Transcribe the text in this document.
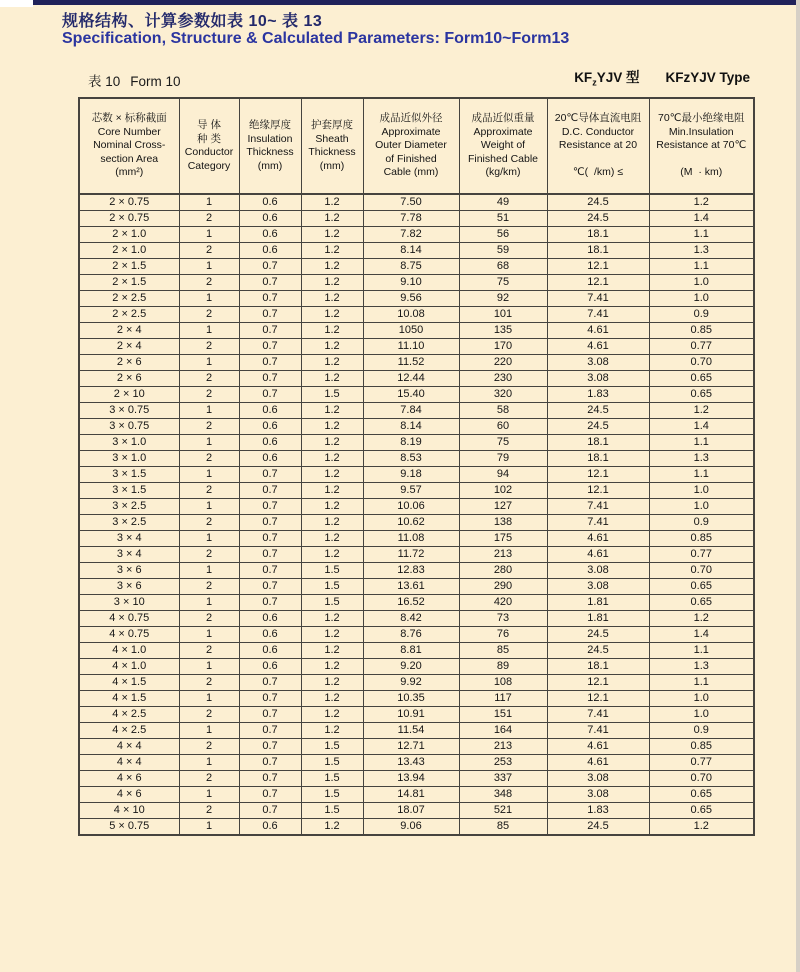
规格结构、计算参数如表 10~ 表 13
Specification, Structure & Calculated Parameters: Form10~Form13
表 10 Form 10	$KF_zYJV$ 型 KFzYJV Type
芯数 × 标称截面
Core Number
Nominal Cross-
section Area
(mm²)	导 体
种 类
Conductor
Category	绝缘厚度
Insulation
Thickness
(mm)	护套厚度
Sheath
Thickness
(mm)	成品近似外径
Approximate
Outer Diameter
of Finished
Cable (mm)	成品近似重量
Approximate
Weight of
Finished Cable
(kg/km)	20℃导体直流电阻
D.C. Conductor
Resistance at 20

℃(  /km) ≤	70℃最小绝缘电阻
Min.Insulation
Resistance at 70℃

(M  · km)
2 × 0.75	1	0.6	1.2	7.50	49	24.5	1.2
2 × 0.75	2	0.6	1.2	7.78	51	24.5	1.4
2 × 1.0	1	0.6	1.2	7.82	56	18.1	1.1
2 × 1.0	2	0.6	1.2	8.14	59	18.1	1.3
2 × 1.5	1	0.7	1.2	8.75	68	12.1	1.1
2 × 1.5	2	0.7	1.2	9.10	75	12.1	1.0
2 × 2.5	1	0.7	1.2	9.56	92	7.41	1.0
2 × 2.5	2	0.7	1.2	10.08	101	7.41	0.9
2 × 4	1	0.7	1.2	1050	135	4.61	0.85
2 × 4	2	0.7	1.2	11.10	170	4.61	0.77
2 × 6	1	0.7	1.2	11.52	220	3.08	0.70
2 × 6	2	0.7	1.2	12.44	230	3.08	0.65
2 × 10	2	0.7	1.5	15.40	320	1.83	0.65
3 × 0.75	1	0.6	1.2	7.84	58	24.5	1.2
3 × 0.75	2	0.6	1.2	8.14	60	24.5	1.4
3 × 1.0	1	0.6	1.2	8.19	75	18.1	1.1
3 × 1.0	2	0.6	1.2	8.53	79	18.1	1.3
3 × 1.5	1	0.7	1.2	9.18	94	12.1	1.1
3 × 1.5	2	0.7	1.2	9.57	102	12.1	1.0
3 × 2.5	1	0.7	1.2	10.06	127	7.41	1.0
3 × 2.5	2	0.7	1.2	10.62	138	7.41	0.9
3 × 4	1	0.7	1.2	11.08	175	4.61	0.85
3 × 4	2	0.7	1.2	11.72	213	4.61	0.77
3 × 6	1	0.7	1.5	12.83	280	3.08	0.70
3 × 6	2	0.7	1.5	13.61	290	3.08	0.65
3 × 10	1	0.7	1.5	16.52	420	1.81	0.65
4 × 0.75	2	0.6	1.2	8.42	73	1.81	1.2
4 × 0.75	1	0.6	1.2	8.76	76	24.5	1.4
4 × 1.0	2	0.6	1.2	8.81	85	24.5	1.1
4 × 1.0	1	0.6	1.2	9.20	89	18.1	1.3
4 × 1.5	2	0.7	1.2	9.92	108	12.1	1.1
4 × 1.5	1	0.7	1.2	10.35	117	12.1	1.0
4 × 2.5	2	0.7	1.2	10.91	151	7.41	1.0
4 × 2.5	1	0.7	1.2	11.54	164	7.41	0.9
4 × 4	2	0.7	1.5	12.71	213	4.61	0.85
4 × 4	1	0.7	1.5	13.43	253	4.61	0.77
4 × 6	2	0.7	1.5	13.94	337	3.08	0.70
4 × 6	1	0.7	1.5	14.81	348	3.08	0.65
4 × 10	2	0.7	1.5	18.07	521	1.83	0.65
5 × 0.75	1	0.6	1.2	9.06	85	24.5	1.2
